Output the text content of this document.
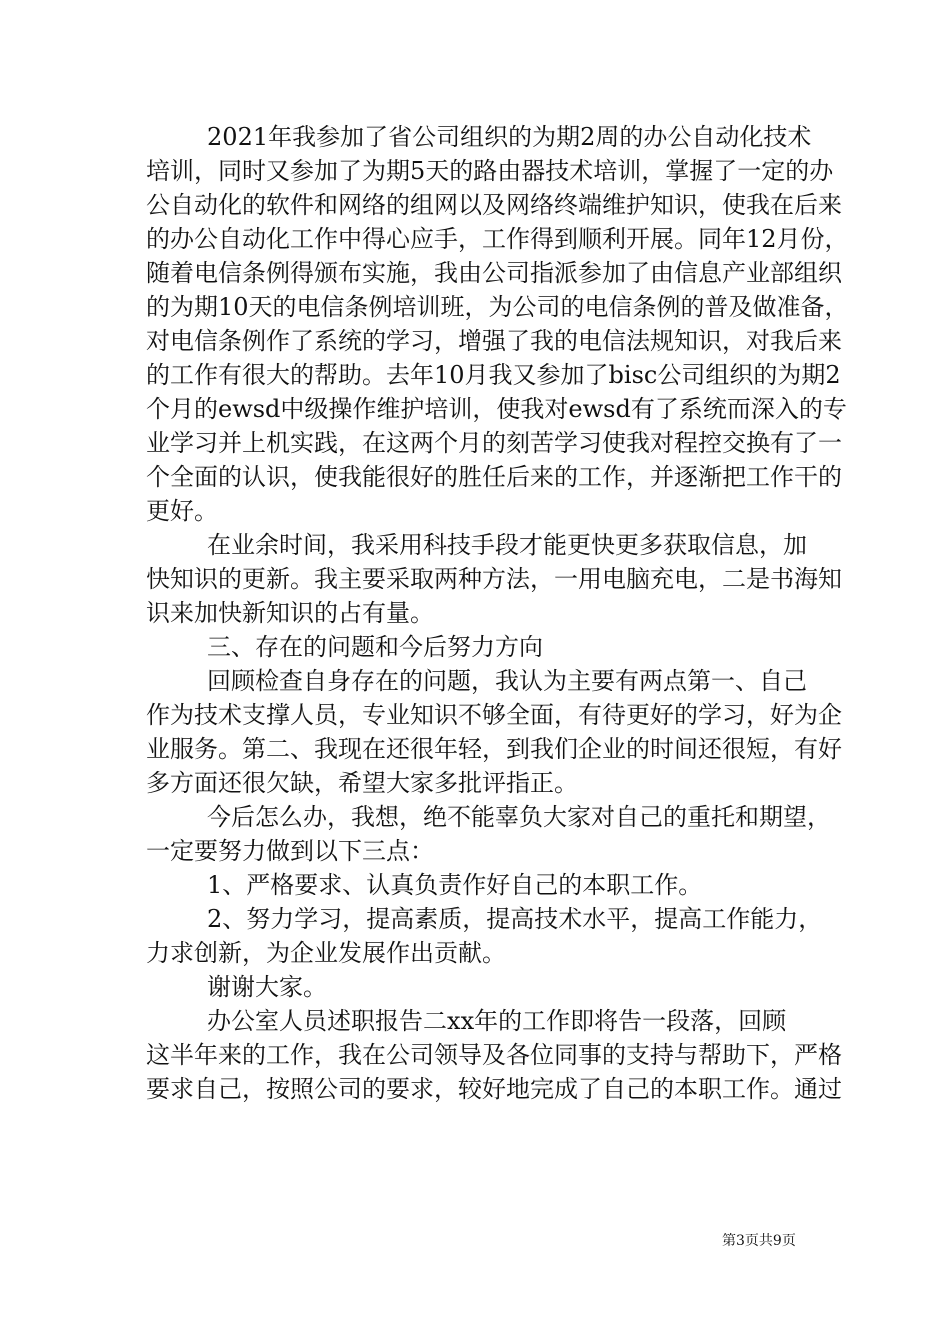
2021年我参加了省公司组织的为期2周的办公自动化技术
培训，同时又参加了为期5天的路由器技术培训，掌握了一定的办
公自动化的软件和网络的组网以及网络终端维护知识，使我在后来
的办公自动化工作中得心应手，工作得到顺利开展。同年12月份，
随着电信条例得颁布实施，我由公司指派参加了由信息产业部组织
的为期10天的电信条例培训班，为公司的电信条例的普及做准备，
对电信条例作了系统的学习，增强了我的电信法规知识，对我后来
的工作有很大的帮助。去年10月我又参加了bisc公司组织的为期2
个月的ewsd中级操作维护培训，使我对ewsd有了系统而深入的专
业学习并上机实践，在这两个月的刻苦学习使我对程控交换有了一
个全面的认识，使我能很好的胜任后来的工作，并逐渐把工作干的
更好。
在业余时间，我采用科技手段才能更快更多获取信息，加
快知识的更新。我主要采取两种方法，一用电脑充电，二是书海知
识来加快新知识的占有量。
三、存在的问题和今后努力方向
回顾检查自身存在的问题，我认为主要有两点第一、自己
作为技术支撑人员，专业知识不够全面，有待更好的学习，好为企
业服务。第二、我现在还很年轻，到我们企业的时间还很短，有好
多方面还很欠缺，希望大家多批评指正。
今后怎么办，我想，绝不能辜负大家对自己的重托和期望，
一定要努力做到以下三点：
1、严格要求、认真负责作好自己的本职工作。
2、努力学习，提高素质，提高技术水平，提高工作能力，
力求创新，为企业发展作出贡献。
谢谢大家。
办公室人员述职报告二xx年的工作即将告一段落，回顾
这半年来的工作，我在公司领导及各位同事的支持与帮助下，严格
要求自己，按照公司的要求，较好地完成了自己的本职工作。通过
第3页共9页
